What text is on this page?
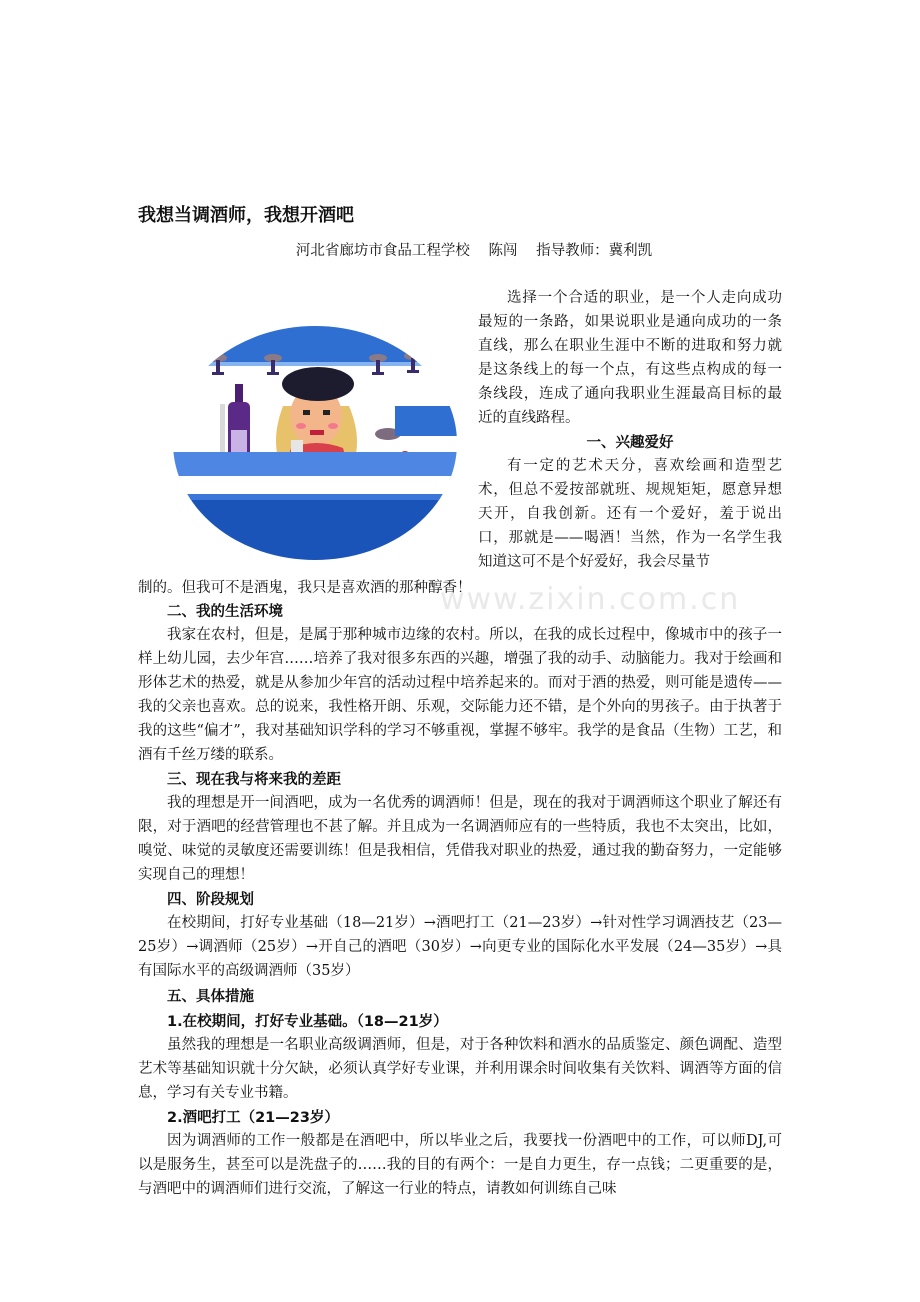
我想当调酒师，我想开酒吧
河北省廊坊市食品工程学校 陈闯 指导教师：冀利凯

选择一个合适的职业，是一个人走向成功最短的一条路，如果说职业是通向成功的一条直线，那么在职业生涯中不断的进取和努力就是这条线上的每一个点，有这些点构成的每一条线段，连成了通向我职业生涯最高目标的最近的直线路程。

一、兴趣爱好

有一定的艺术天分，喜欢绘画和造型艺术，但总不爱按部就班、规规矩矩，愿意异想天开，自我创新。还有一个爱好，羞于说出口，那就是——喝酒！当然，作为一名学生我知道这可不是个好爱好，我会尽量节

制的。但我可不是酒鬼，我只是喜欢酒的那种醇香！

www.zixin.com.cn

二、我的生活环境

我家在农村，但是，是属于那种城市边缘的农村。所以，在我的成长过程中，像城市中的孩子一样上幼儿园，去少年宫……培养了我对很多东西的兴趣，增强了我的动手、动脑能力。我对于绘画和形体艺术的热爱，就是从参加少年宫的活动过程中培养起来的。而对于酒的热爱，则可能是遗传——我的父亲也喜欢。总的说来，我性格开朗、乐观，交际能力还不错，是个外向的男孩子。由于执著于我的这些“偏才”，我对基础知识学科的学习不够重视，掌握不够牢。我学的是食品（生物）工艺，和酒有千丝万缕的联系。

三、现在我与将来我的差距

我的理想是开一间酒吧，成为一名优秀的调酒师！但是，现在的我对于调酒师这个职业了解还有限，对于酒吧的经营管理也不甚了解。并且成为一名调酒师应有的一些特质，我也不太突出，比如，嗅觉、味觉的灵敏度还需要训练！但是我相信，凭借我对职业的热爱，通过我的勤奋努力，一定能够实现自己的理想！

四、阶段规划

在校期间，打好专业基础（18—21岁）→酒吧打工（21—23岁）→针对性学习调酒技艺（23—25岁）→调酒师（25岁）→开自己的酒吧（30岁）→向更专业的国际化水平发展（24—35岁）→具有国际水平的高级调酒师（35岁）

五、具体措施

1.在校期间，打好专业基础。（18—21岁）

虽然我的理想是一名职业高级调酒师，但是，对于各种饮料和酒水的品质鉴定、颜色调配、造型艺术等基础知识就十分欠缺，必须认真学好专业课，并利用课余时间收集有关饮料、调酒等方面的信息，学习有关专业书籍。

2.酒吧打工（21—23岁）

因为调酒师的工作一般都是在酒吧中，所以毕业之后，我要找一份酒吧中的工作，可以师DJ,可以是服务生，甚至可以是洗盘子的……我的目的有两个：一是自力更生，存一点钱；二更重要的是，与酒吧中的调酒师们进行交流，了解这一行业的特点，请教如何训练自己味
